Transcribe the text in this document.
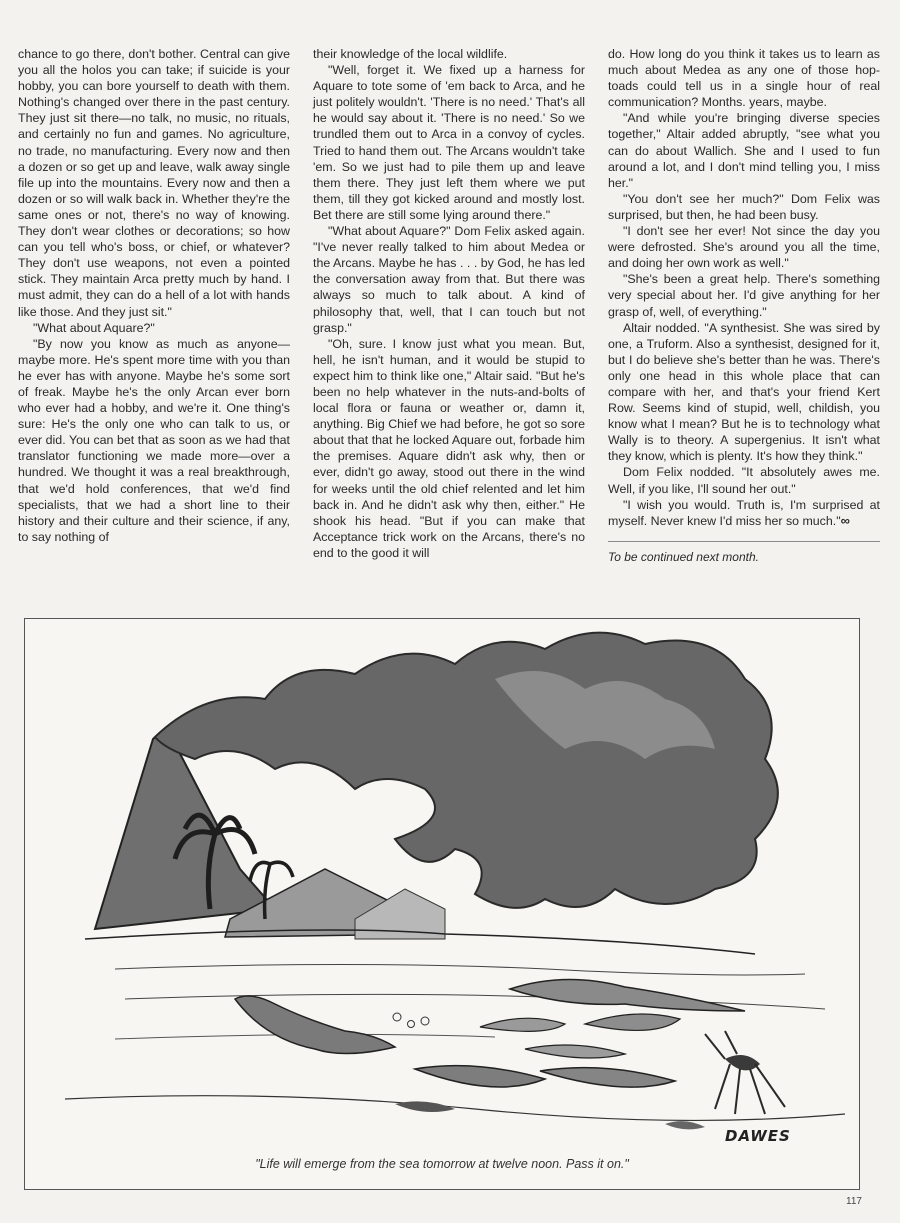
chance to go there, don't bother. Central can give you all the holos you can take; if suicide is your hobby, you can bore yourself to death with them. Nothing's changed over there in the past century. They just sit there—no talk, no music, no rituals, and certainly no fun and games. No agriculture, no trade, no manufacturing. Every now and then a dozen or so get up and leave, walk away single file up into the mountains. Every now and then a dozen or so will walk back in. Whether they're the same ones or not, there's no way of knowing. They don't wear clothes or decorations; so how can you tell who's boss, or chief, or whatever? They don't use weapons, not even a pointed stick. They maintain Arca pretty much by hand. I must admit, they can do a hell of a lot with hands like those. And they just sit."

"What about Aquare?"

"By now you know as much as anyone—maybe more. He's spent more time with you than he ever has with anyone. Maybe he's some sort of freak. Maybe he's the only Arcan ever born who ever had a hobby, and we're it. One thing's sure: He's the only one who can talk to us, or ever did. You can bet that as soon as we had that translator functioning we made more—over a hundred. We thought it was a real breakthrough, that we'd hold conferences, that we'd find specialists, that we had a short line to their history and their culture and their science, if any, to say nothing of

their knowledge of the local wildlife.

"Well, forget it. We fixed up a harness for Aquare to tote some of 'em back to Arca, and he just politely wouldn't. 'There is no need.' That's all he would say about it. 'There is no need.' So we trundled them out to Arca in a convoy of cycles. Tried to hand them out. The Arcans wouldn't take 'em. So we just had to pile them up and leave them there. They just left them where we put them, till they got kicked around and mostly lost. Bet there are still some lying around there."

"What about Aquare?" Dom Felix asked again. "I've never really talked to him about Medea or the Arcans. Maybe he has . . . by God, he has led the conversation away from that. But there was always so much to talk about. A kind of philosophy that, well, that I can touch but not grasp."

"Oh, sure. I know just what you mean. But, hell, he isn't human, and it would be stupid to expect him to think like one," Altair said. "But he's been no help whatever in the nuts-and-bolts of local flora or fauna or weather or, damn it, anything. Big Chief we had before, he got so sore about that that he locked Aquare out, forbade him the premises. Aquare didn't ask why, then or ever, didn't go away, stood out there in the wind for weeks until the old chief relented and let him back in. And he didn't ask why then, either." He shook his head. "But if you can make that Acceptance trick work on the Arcans, there's no end to the good it will

do. How long do you think it takes us to learn as much about Medea as any one of those hop-toads could tell us in a single hour of real communication? Months. years, maybe.

"And while you're bringing diverse species together," Altair added abruptly, "see what you can do about Wallich. She and I used to fun around a lot, and I don't mind telling you, I miss her."

"You don't see her much?" Dom Felix was surprised, but then, he had been busy.

"I don't see her ever! Not since the day you were defrosted. She's around you all the time, and doing her own work as well."

"She's been a great help. There's something very special about her. I'd give anything for her grasp of, well, of everything."

Altair nodded. "A synthesist. She was sired by one, a Truform. Also a synthesist, designed for it, but I do believe she's better than he was. There's only one head in this whole place that can compare with her, and that's your friend Kert Row. Seems kind of stupid, well, childish, you know what I mean? But he is to technology what Wally is to theory. A supergenius. It isn't what they know, which is plenty. It's how they think."

Dom Felix nodded. "It absolutely awes me. Well, if you like, I'll sound her out."

"I wish you would. Truth is, I'm surprised at myself. Never knew I'd miss her so much."∞

To be continued next month.

DAWES
"Life will emerge from the sea tomorrow at twelve noon. Pass it on."
117
